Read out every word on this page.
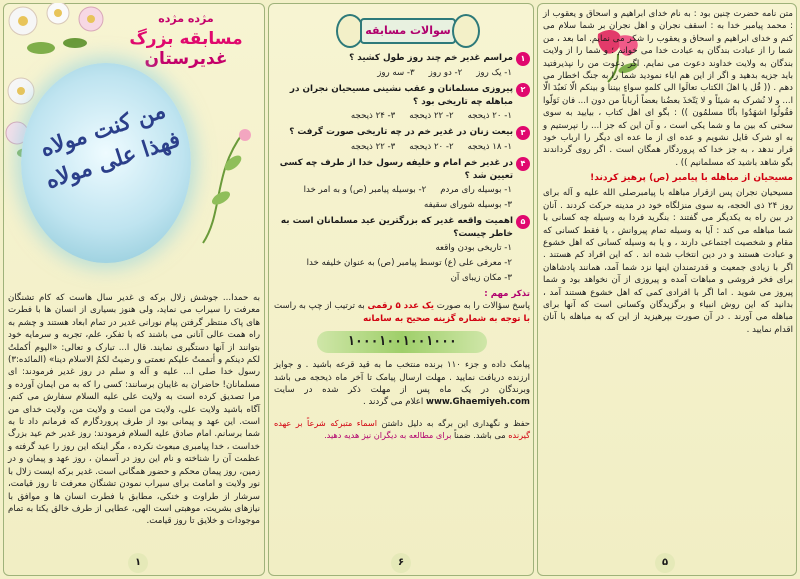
مژده مژده
مسابقه بزرگ
غدیرستان
من کنت مولاه فهذا علی مولاه
به حمدا... جوشش زلال برکه ی غدیر سال هاست که کام تشنگان معرفت را سیراب می نماید، ولی هنوز بسیاری از انسان ها با فطرت های پاک منتظر گرفتن پیام نورانی غدیر در تمام ابعاد هستند و چشم به راه همت عالی آنانی می باشند که با تفکر، علم، تجربه و سرمایه خود بتوانند از آنها دستگیری نمایند. قال ا... تبارک و تعالی: «الیوم أکملتُ لکم دینکم و أتممتُ علیکم نعمتی و رضیتُ لکمُ الاسلام دینا» (المائده:۳) رسول خدا صلی ا... علیه و آله و سلم در روز غدیر فرمودند: ای مسلمانان! حاضران به غایبان برسانند: کسی را که به من ایمان آورده و مرا تصدیق کرده است به ولایت علی علیه السلام سفارش می کنم، آگاه باشید ولایت علی، ولایت من است و ولایت من، ولایت خدای من است. این عهد و پیمانی بود از طرف پروردگارم که فرمانم داد تا به شما برسانم. امام صادق علیه السلام فرمودند: روز غدیر خم عید بزرگ خداست ، خدا پیامبری مبعوث نکرده ، مگر اینکه این روز را عید گرفته و عظمت آن را شناخته و نام این روز در آسمان ، روز عهد و پیمان و در زمین، روز پیمان محکم و حضور همگانی است. غدیر برکه ایست زلال با نور ولایت و امامت برای سیراب نمودن تشنگان معرفت تا روز قیامت، سرشار از طراوت و خنکی، مطابق با فطرت انسان ها و موافق با نیازهای بشریت، موهبتی است الهی، عطایی از طرف خالق یکتا به تمام موجودات و خلایق تا روز قیامت.
۱
سوالات مسابقه
۱
مراسم غدیر خم چند روز طول کشید ؟
۱- یک روز
۲- دو روز
۳- سه روز
۲
پیروزی مسلمانان و عقب نشینی مسیحیان نجران در مباهله چه تاریخی بود ؟
۱- ۲۰ ذیحجه
۲- ۲۲ ذیحجه
۳- ۲۴ ذیحجه
۳
بیعت زنان در غدیر خم در چه تاریخی صورت گرفت ؟
۱- ۱۸ ذیحجه
۲- ۲۰ ذیحجه
۳- ۲۲ ذیحجه
۴
در غدیر خم امام و خلیفه رسول خدا از طرف چه کسی تعیین شد ؟
۱- بوسیله رای مردم
۲- بوسیله پیامبر (ص) و به امر خدا
۳- بوسیله شورای سقیفه
۵
اهمیت واقعه غدیر که بزرگترین عید مسلمانان است به خاطر چیست؟
۱- تاریخی بودن واقعه
۲- معرفی علی (ع) توسط پیامبر (ص) به عنوان خلیفه خدا
۳- مکان زیبای آن
تذکر مهم :
پاسخ سؤالات را به صورت یک عدد ۵ رقمی به ترتیب از چپ به راست با توجه به شماره گزینه صحیح به سامانه
۱۰۰۰۱۰۰۱۰۰۱۰۰۰
پیامک داده و جزء ۱۱۰ برنده منتخب ما به قید قرعه باشید . و جوایز ارزنده دریافت نمایید . مهلت ارسال پیامک تا آخر ماه ذیحجه می باشد وبرندگان در یک ماه پس از مهلت ذکر شده در سایت www.Ghaemiyeh.com اعلام می گردند .
حفظ و نگهداری این برگه به دلیل داشتن اسماء متبرکه شرعاً بر عهده گیرنده می باشد. ضمناً برای مطالعه به دیگران نیز هدیه دهید.
۶
متن نامه حضرت چنین بود : به نام خدای ابراهیم و اسحاق و یعقوب از : محمد پیامبر خدا به : اسقف نجران و اهل نجران بر شما سلام می کنم و خدای ابراهیم و اسحاق و یعقوب را شکر می نمایم. اما بعد ، من شما را از عبادت بندگان به عبادت خدا می خوانم ؛ و شما را از ولایت بندگان به ولایت خداوند دعوت می نمایم. اگر دعوت من را نپذیرفتید باید جزیه بدهید و اگر از این هم اباء نمودید شما را به جنگ اخطار می دهم . (( قُل یا اهلَ الکتاب تعالَوا الی کلمهٍ سواءٍ بیننا و بینکم الّا نَعبُدَ الّا ا... و لا نُشرک به شیئاً و لا یَتّخذَ بعضُنا بعضاً أرباباً من دون ا... فان تَوَلّوا فقُولُوا اشهَدُوا بأنّا مسلمُون )) : بگو ای اهل کتاب ، بیایید به سوی سخنی که بین ما و شما یکی است ، و آن این که جز ا... را نپرستیم و به او شرک قایل نشویم و عده ای از ما عده ای دیگر را ارباب خود قرار ندهد ، به جز خدا که پروردگار همگان است . اگر روی گرداندند بگو شاهد باشید که مسلمانیم )) .
مسیحیان از مباهله با پیامبر (ص) پرهیز کردند!
مسیحیان نجران پس ازقرار مباهله با پیامبرصلی الله علیه و آله برای روز ۲۴ ذی الحجه، به سوی منزلگاه خود در مدینه حرکت کردند . آنان در بین راه به یکدیگر می گفتند : بنگرید فردا به وسیله چه کسانی با شما مباهله می کند : آیا به وسیله تمام پیروانش ، یا فقط کسانی که مقام و شخصیت اجتماعی دارند ، و یا به وسیله کسانی که اهل خشوع و عبادت هستند و در دین انتخاب شده اند . که این افراد کم هستند . اگر با زیادی جمعیت و قدرتمندان اینها نزد شما آمد، همانند پادشاهان برای فخر فروشی و مباهات آمده و پیروزی از آن نخواهد بود و شما پیروز می شوید . اما اگر با افرادی کمی که اهل خشوع هستند آمد ، بدانید که این روش انبیاء و برگزیدگان وکسانی است که آنها برای مباهله می آورند . در آن صورت بپرهیزید از این که به مباهله با آنان اقدام نمایید .
۵
